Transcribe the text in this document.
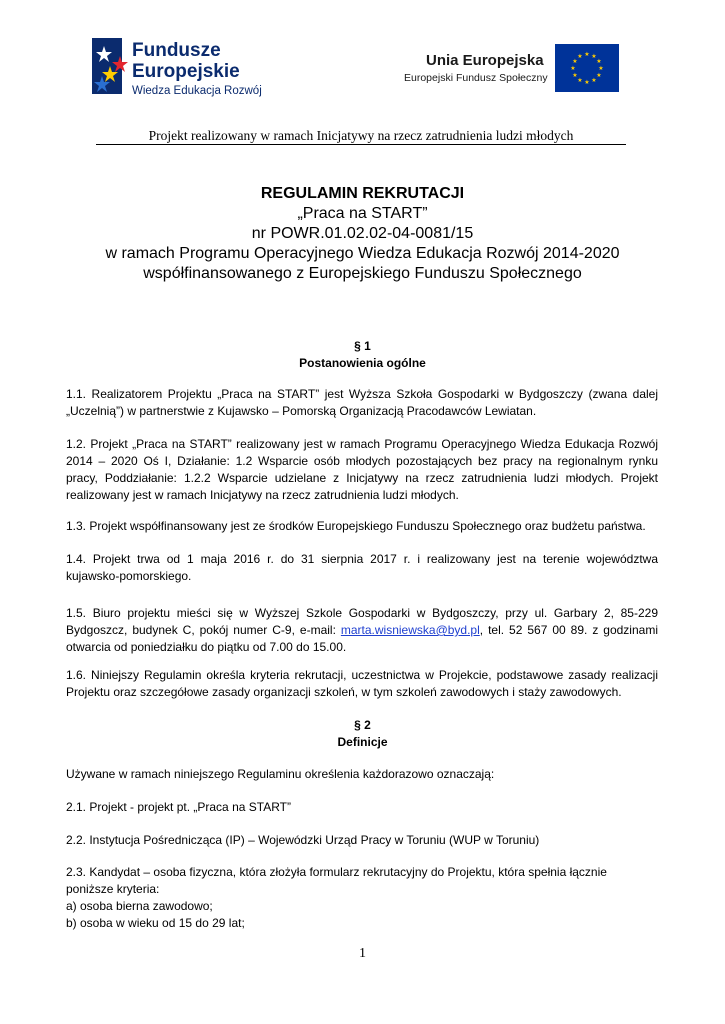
Fundusze
Europejskie
Wiedza Edukacja Rozwój
Unia Europejska
Europejski Fundusz Społeczny
★ ★
★
★
★
★
★
★
★
★
★
★
Projekt realizowany w ramach Inicjatywy na rzecz zatrudnienia ludzi młodych
REGULAMIN REKRUTACJI
„Praca na START”
nr POWR.01.02.02-04-0081/15
w ramach Programu Operacyjnego Wiedza Edukacja Rozwój 2014-2020
współfinansowanego z Europejskiego Funduszu Społecznego
§ 1
Postanowienia ogólne
1.1. Realizatorem Projektu „Praca na START” jest Wyższa Szkoła Gospodarki w Bydgoszczy (zwana dalej
„Uczelnią”) w partnerstwie z Kujawsko – Pomorską Organizacją Pracodawców Lewiatan.
1.2. Projekt „Praca na START” realizowany jest w ramach Programu Operacyjnego Wiedza Edukacja Rozwój
2014 – 2020 Oś I, Działanie: 1.2 Wsparcie osób młodych pozostających bez pracy na regionalnym rynku
pracy, Poddziałanie: 1.2.2 Wsparcie udzielane z Inicjatywy na rzecz zatrudnienia ludzi młodych. Projekt
realizowany jest w ramach Inicjatywy na rzecz zatrudnienia ludzi młodych.
1.3. Projekt współfinansowany jest ze środków Europejskiego Funduszu Społecznego oraz budżetu państwa.
1.4. Projekt trwa od 1 maja 2016 r. do 31 sierpnia 2017 r. i realizowany jest na terenie województwa
kujawsko-pomorskiego.
1.5. Biuro projektu mieści się w Wyższej Szkole Gospodarki w Bydgoszczy, przy ul. Garbary 2, 85-229
Bydgoszcz, budynek C, pokój numer C-9, e-mail: marta.wisniewska@byd.pl, tel. 52 567 00 89. z godzinami
otwarcia od poniedziałku do piątku od 7.00 do 15.00.
1.6. Niniejszy Regulamin określa kryteria rekrutacji, uczestnictwa w Projekcie, podstawowe zasady realizacji
Projektu oraz szczegółowe zasady organizacji szkoleń, w tym szkoleń zawodowych i staży zawodowych.
§ 2
Definicje
Używane w ramach niniejszego Regulaminu określenia każdorazowo oznaczają:
2.1. Projekt - projekt pt. „Praca na START”
2.2. Instytucja Pośrednicząca (IP) – Wojewódzki Urząd Pracy w Toruniu (WUP w Toruniu)
2.3. Kandydat – osoba fizyczna, która złożyła formularz rekrutacyjny do Projektu, która spełnia łącznie
poniższe kryteria:
a) osoba bierna zawodowo;
b) osoba w wieku od 15 do 29 lat;
1
